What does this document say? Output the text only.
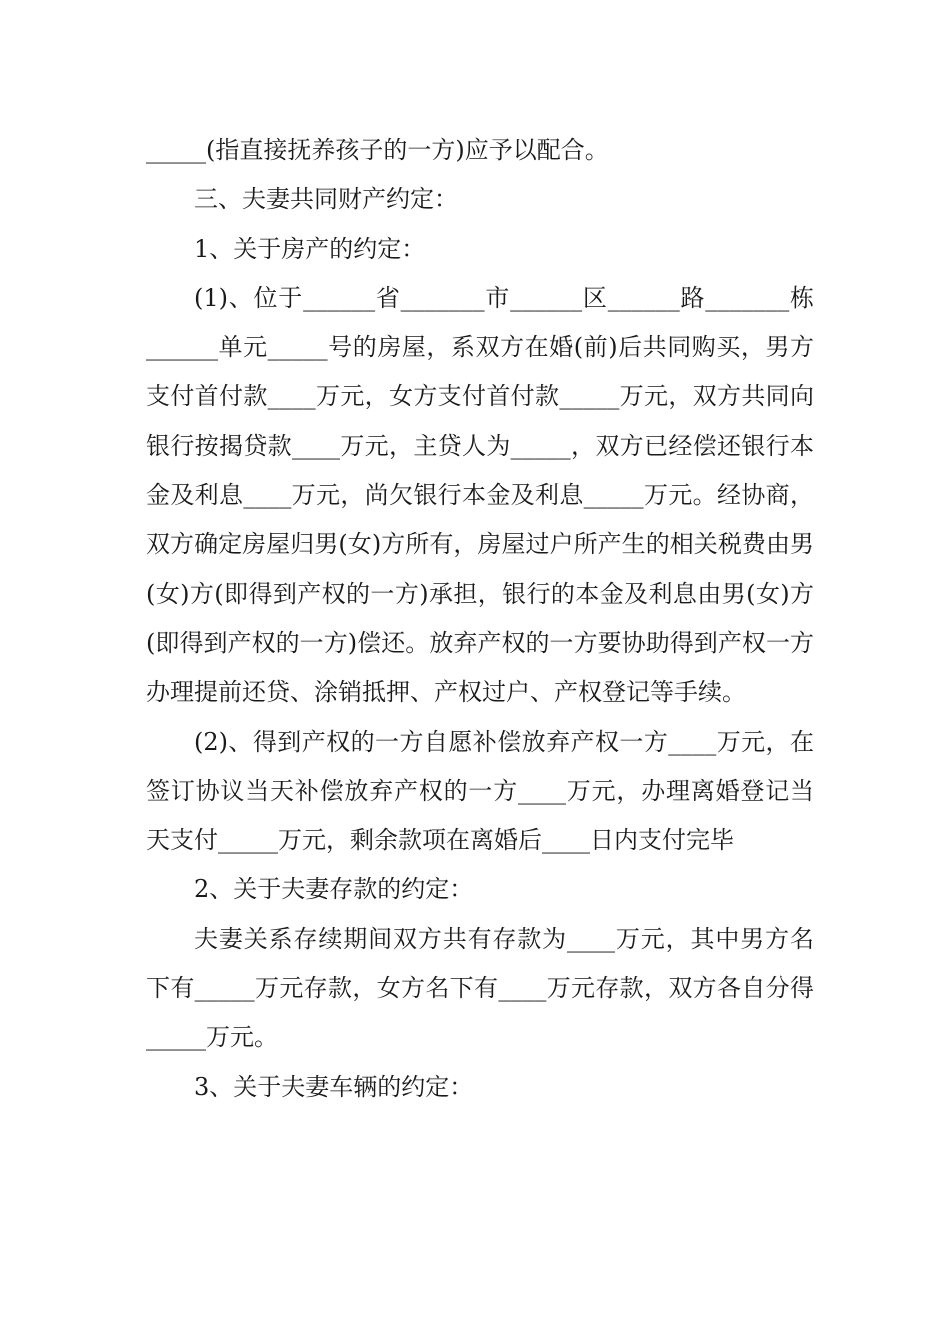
_____(指直接抚养孩子的一方)应予以配合。

三、夫妻共同财产约定：

1、关于房产的约定：

(1)、位于______省_______市______区______路_______栋______单元_____号的房屋，系双方在婚(前)后共同购买，男方支付首付款____万元，女方支付首付款_____万元，双方共同向银行按揭贷款____万元，主贷人为_____，双方已经偿还银行本金及利息____万元，尚欠银行本金及利息_____万元。经协商，双方确定房屋归男(女)方所有，房屋过户所产生的相关税费由男(女)方(即得到产权的一方)承担，银行的本金及利息由男(女)方(即得到产权的一方)偿还。放弃产权的一方要协助得到产权一方办理提前还贷、涂销抵押、产权过户、产权登记等手续。

(2)、得到产权的一方自愿补偿放弃产权一方____万元，在签订协议当天补偿放弃产权的一方____万元，办理离婚登记当天支付_____万元，剩余款项在离婚后____日内支付完毕

2、关于夫妻存款的约定：

夫妻关系存续期间双方共有存款为____万元，其中男方名下有_____万元存款，女方名下有____万元存款，双方各自分得_____万元。

3、关于夫妻车辆的约定：
